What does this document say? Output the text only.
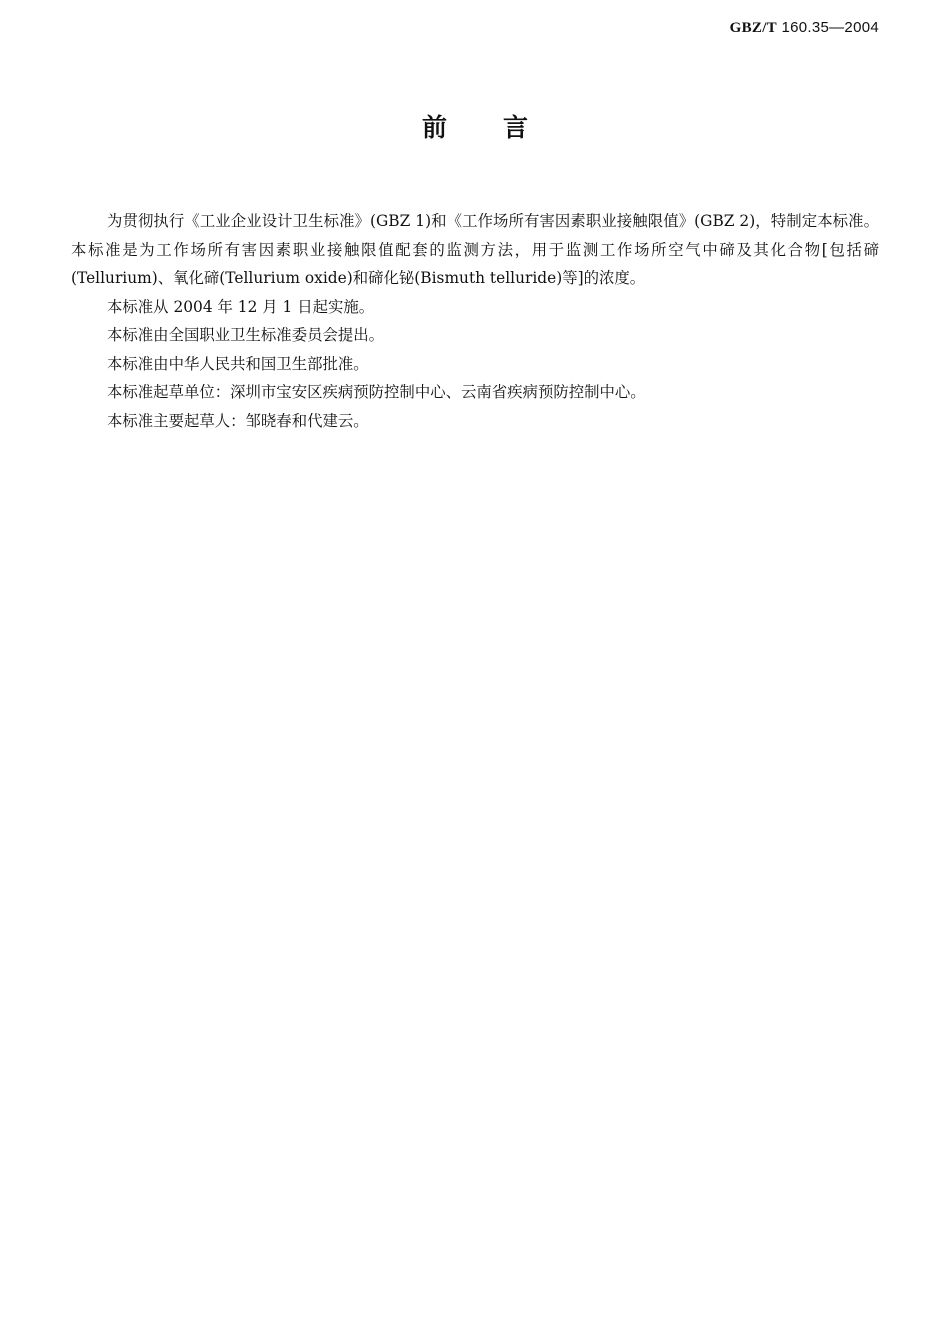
GBZ/T 160.35—2004
前言

为贯彻执行《工业企业设计卫生标准》(GBZ 1)和《工作场所有害因素职业接触限值》(GBZ 2)，特制定本标准。本标准是为工作场所有害因素职业接触限值配套的监测方法，用于监测工作场所空气中碲及其化合物[包括碲(Tellurium)、氧化碲(Tellurium oxide)和碲化铋(Bismuth telluride)等]的浓度。

本标准从 2004 年 12 月 1 日起实施。

本标准由全国职业卫生标准委员会提出。

本标准由中华人民共和国卫生部批准。

本标准起草单位：深圳市宝安区疾病预防控制中心、云南省疾病预防控制中心。

本标准主要起草人：邹晓春和代建云。
